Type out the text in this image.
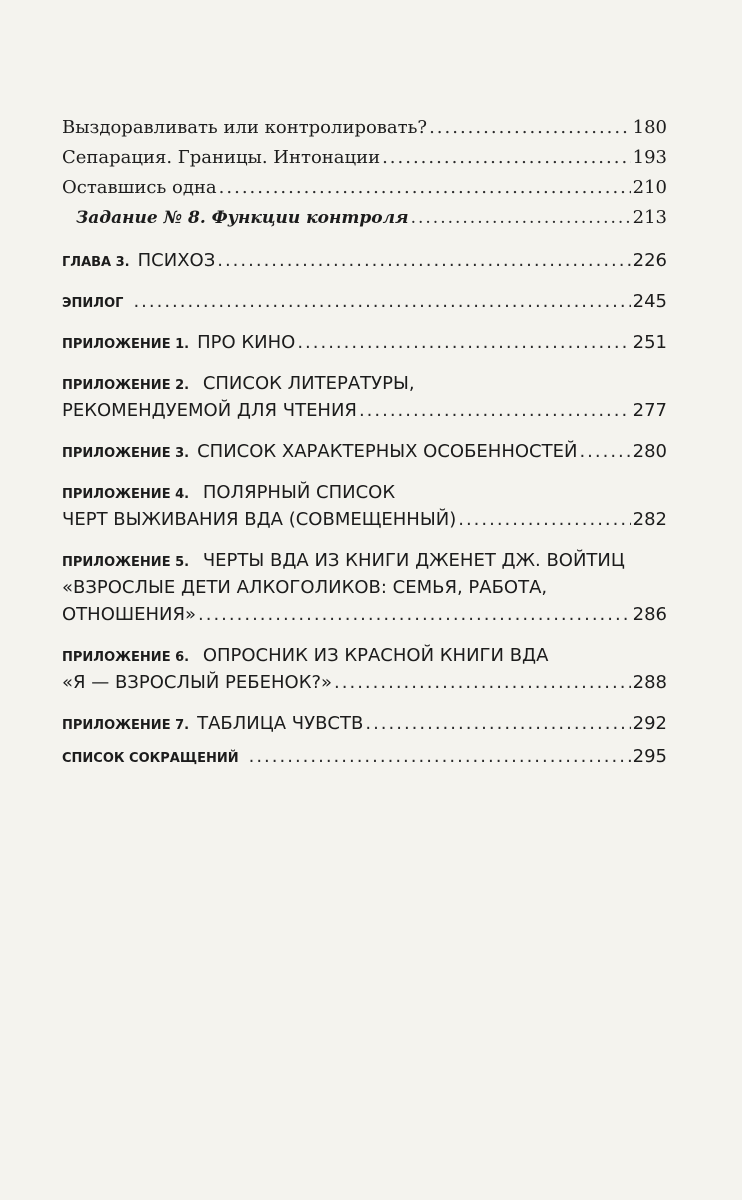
Выздоравливать или контролировать? .....	180
Сепарация. Границы. Интонации .....	193
Оставшись одна .....	210
Задание № 8. Функции контроля .....	213
ГЛАВА 3. ПСИХОЗ .....	226
ЭПИЛОГ .....	245
ПРИЛОЖЕНИЕ 1. ПРО КИНО .....	251
ПРИЛОЖЕНИЕ 2. СПИСОК ЛИТЕРАТУРЫ,
РЕКОМЕНДУЕМОЙ ДЛЯ ЧТЕНИЯ .....	277
ПРИЛОЖЕНИЕ 3. СПИСОК ХАРАКТЕРНЫХ ОСОБЕННОСТЕЙ .....	280
ПРИЛОЖЕНИЕ 4. ПОЛЯРНЫЙ СПИСОК
ЧЕРТ ВЫЖИВАНИЯ ВДА (СОВМЕЩЕННЫЙ) .....	282
ПРИЛОЖЕНИЕ 5. ЧЕРТЫ ВДА ИЗ КНИГИ ДЖЕНЕТ ДЖ. ВОЙТИЦ
«ВЗРОСЛЫЕ ДЕТИ АЛКОГОЛИКОВ: СЕМЬЯ, РАБОТА,
ОТНОШЕНИЯ» .....	286
ПРИЛОЖЕНИЕ 6. ОПРОСНИК ИЗ КРАСНОЙ КНИГИ ВДА
«Я — ВЗРОСЛЫЙ РЕБЕНОК?» .....	288
ПРИЛОЖЕНИЕ 7. ТАБЛИЦА ЧУВСТВ .....	292
СПИСОК СОКРАЩЕНИЙ .....	295
